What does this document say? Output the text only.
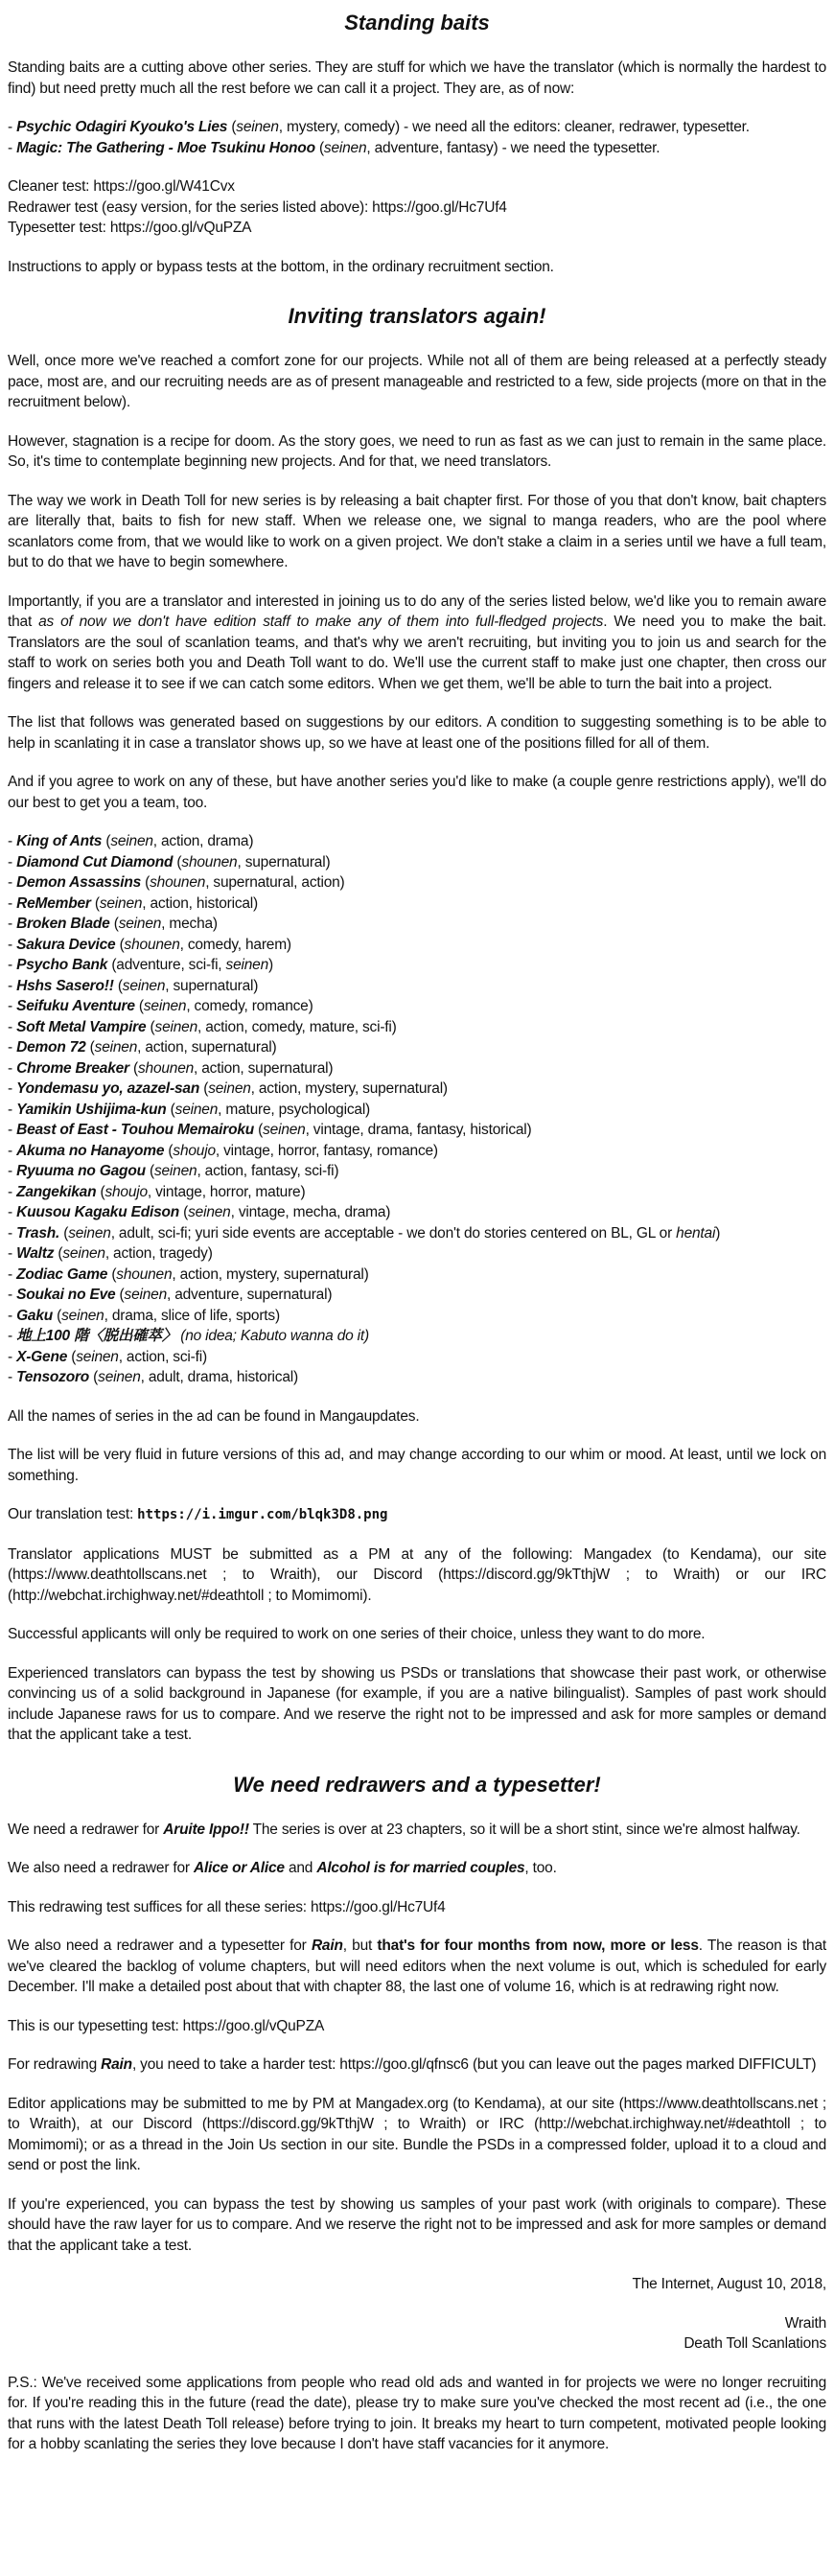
Standing baits

Standing baits are a cutting above other series. They are stuff for which we have the translator (which is normally the hardest to find) but need pretty much all the rest before we can call it a project. They are, as of now:

- Psychic Odagiri Kyouko's Lies (seinen, mystery, comedy) - we need all the editors: cleaner, redrawer, typesetter.
- Magic: The Gathering - Moe Tsukinu Honoo (seinen, adventure, fantasy) - we need the typesetter.
Cleaner test: https://goo.gl/W41Cvx
Redrawer test (easy version, for the series listed above): https://goo.gl/Hc7Uf4
Typesetter test: https://goo.gl/vQuPZA

Instructions to apply or bypass tests at the bottom, in the ordinary recruitment section.

Inviting translators again!

Well, once more we've reached a comfort zone for our projects. While not all of them are being released at a perfectly steady pace, most are, and our recruiting needs are as of present manageable and restricted to a few, side projects (more on that in the recruitment below).

However, stagnation is a recipe for doom. As the story goes, we need to run as fast as we can just to remain in the same place. So, it's time to contemplate beginning new projects. And for that, we need translators.

The way we work in Death Toll for new series is by releasing a bait chapter first. For those of you that don't know, bait chapters are literally that, baits to fish for new staff. When we release one, we signal to manga readers, who are the pool where scanlators come from, that we would like to work on a given project. We don't stake a claim in a series until we have a full team, but to do that we have to begin somewhere.

Importantly, if you are a translator and interested in joining us to do any of the series listed below, we'd like you to remain aware that as of now we don't have edition staff to make any of them into full-fledged projects. We need you to make the bait. Translators are the soul of scanlation teams, and that's why we aren't recruiting, but inviting you to join us and search for the staff to work on series both you and Death Toll want to do. We'll use the current staff to make just one chapter, then cross our fingers and release it to see if we can catch some editors. When we get them, we'll be able to turn the bait into a project.

The list that follows was generated based on suggestions by our editors. A condition to suggesting something is to be able to help in scanlating it in case a translator shows up, so we have at least one of the positions filled for all of them.

And if you agree to work on any of these, but have another series you'd like to make (a couple genre restrictions apply), we'll do our best to get you a team, too.

- King of Ants (seinen, action, drama)
- Diamond Cut Diamond (shounen, supernatural)
- Demon Assassins (shounen, supernatural, action)
- ReMember (seinen, action, historical)
- Broken Blade (seinen, mecha)
- Sakura Device (shounen, comedy, harem)
- Psycho Bank (adventure, sci-fi, seinen)
- Hshs Sasero!! (seinen, supernatural)
- Seifuku Aventure (seinen, comedy, romance)
- Soft Metal Vampire (seinen, action, comedy, mature, sci-fi)
- Demon 72 (seinen, action, supernatural)
- Chrome Breaker (shounen, action, supernatural)
- Yondemasu yo, azazel-san (seinen, action, mystery, supernatural)
- Yamikin Ushijima-kun (seinen, mature, psychological)
- Beast of East - Touhou Memairoku (seinen, vintage, drama, fantasy, historical)
- Akuma no Hanayome (shoujo, vintage, horror, fantasy, romance)
- Ryuuma no Gagou (seinen, action, fantasy, sci-fi)
- Zangekikan (shoujo, vintage, horror, mature)
- Kuusou Kagaku Edison (seinen, vintage, mecha, drama)
- Trash. (seinen, adult, sci-fi; yuri side events are acceptable - we don't do stories centered on BL, GL or hentai)
- Waltz (seinen, action, tragedy)
- Zodiac Game (shounen, action, mystery, supernatural)
- Soukai no Eve (seinen, adventure, supernatural)
- Gaku (seinen, drama, slice of life, sports)
- 地上100 階〈脱出確萃〉 (no idea; Kabuto wanna do it)
- X-Gene (seinen, action, sci-fi)
- Tensozoro (seinen, adult, drama, historical)

All the names of series in the ad can be found in Mangaupdates.

The list will be very fluid in future versions of this ad, and may change according to our whim or mood. At least, until we lock on something.

Our translation test: https://i.imgur.com/blqk3D8.png

Translator applications MUST be submitted as a PM at any of the following: Mangadex (to Kendama), our site (https://www.deathtollscans.net ; to Wraith), our Discord (https://discord.gg/9kTthjW ; to Wraith) or our IRC (http://webchat.irchighway.net/#deathtoll ; to Momimomi).

Successful applicants will only be required to work on one series of their choice, unless they want to do more.

Experienced translators can bypass the test by showing us PSDs or translations that showcase their past work, or otherwise convincing us of a solid background in Japanese (for example, if you are a native bilingualist). Samples of past work should include Japanese raws for us to compare. And we reserve the right not to be impressed and ask for more samples or demand that the applicant take a test.

We need redrawers and a typesetter!

We need a redrawer for Aruite Ippo!! The series is over at 23 chapters, so it will be a short stint, since we're almost halfway.

We also need a redrawer for Alice or Alice and Alcohol is for married couples, too.

This redrawing test suffices for all these series: https://goo.gl/Hc7Uf4

We also need a redrawer and a typesetter for Rain, but that's for four months from now, more or less. The reason is that we've cleared the backlog of volume chapters, but will need editors when the next volume is out, which is scheduled for early December. I'll make a detailed post about that with chapter 88, the last one of volume 16, which is at redrawing right now.

This is our typesetting test: https://goo.gl/vQuPZA

For redrawing Rain, you need to take a harder test: https://goo.gl/qfnsc6 (but you can leave out the pages marked DIFFICULT)

Editor applications may be submitted to me by PM at Mangadex.org (to Kendama), at our site (https://www.deathtollscans.net ; to Wraith), at our Discord (https://discord.gg/9kTthjW ; to Wraith) or IRC (http://webchat.irchighway.net/#deathtoll ; to Momimomi); or as a thread in the Join Us section in our site. Bundle the PSDs in a compressed folder, upload it to a cloud and send or post the link.

If you're experienced, you can bypass the test by showing us samples of your past work (with originals to compare). These should have the raw layer for us to compare. And we reserve the right not to be impressed and ask for more samples or demand that the applicant take a test.

The Internet, August 10, 2018,

Wraith
Death Toll Scanlations

P.S.: We've received some applications from people who read old ads and wanted in for projects we were no longer recruiting for. If you're reading this in the future (read the date), please try to make sure you've checked the most recent ad (i.e., the one that runs with the latest Death Toll release) before trying to join. It breaks my heart to turn competent, motivated people looking for a hobby scanlating the series they love because I don't have staff vacancies for it anymore.
